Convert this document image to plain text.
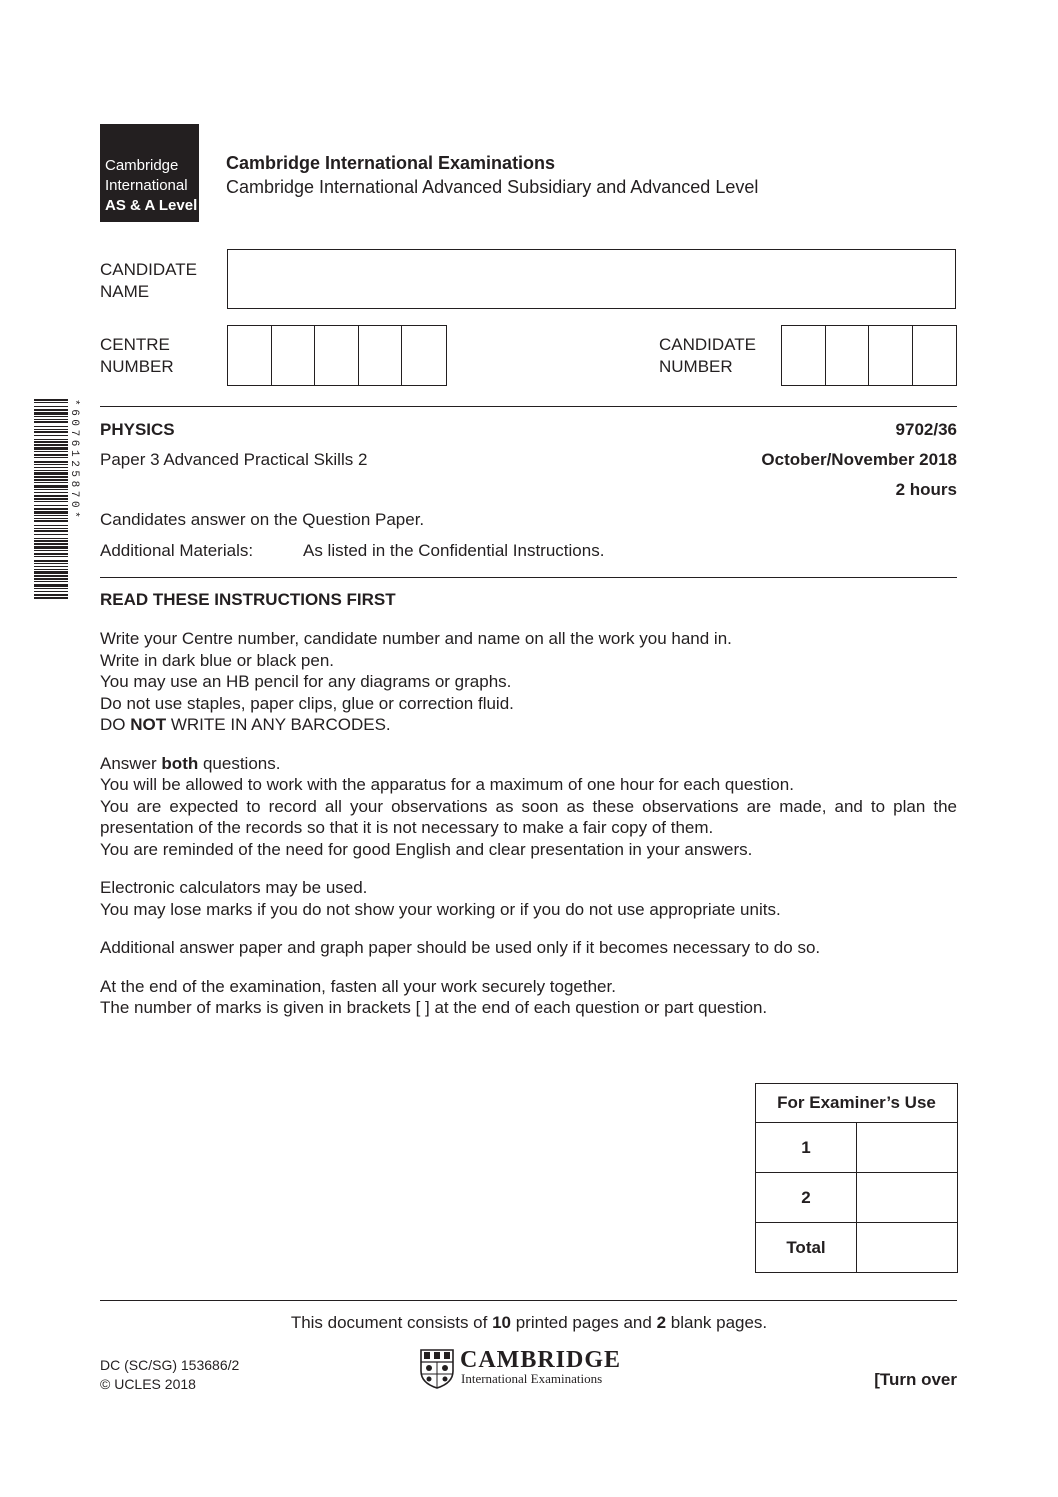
Cambridge
International
AS & A Level
Cambridge International Examinations
Cambridge International Advanced Subsidiary and Advanced Level
CANDIDATE
NAME
CENTRE
NUMBER
CANDIDATE
NUMBER
*6076125870* PHYSICS	9702/36
Paper 3 Advanced Practical Skills 2	October/November 2018
2 hours
Candidates answer on the Question Paper.
Additional Materials:	As listed in the Confidential Instructions.
READ THESE INSTRUCTIONS FIRST

Write your Centre number, candidate number and name on all the work you hand in.

Write in dark blue or black pen.

You may use an HB pencil for any diagrams or graphs.

Do not use staples, paper clips, glue or correction fluid.

DO NOT WRITE IN ANY BARCODES.

Answer both questions.

You will be allowed to work with the apparatus for a maximum of one hour for each question.

You are expected to record all your observations as soon as these observations are made, and to plan the presentation of the records so that it is not necessary to make a fair copy of them.

You are reminded of the need for good English and clear presentation in your answers.

Electronic calculators may be used.

You may lose marks if you do not show your working or if you do not use appropriate units.

Additional answer paper and graph paper should be used only if it becomes necessary to do so.

At the end of the examination, fasten all your work securely together.

The number of marks is given in brackets [ ] at the end of each question or part question.

For Examiner’s Use	
1	
2	
Total	
This document consists of 10 printed pages and 2 blank pages.
DC (SC/SG) 153686/2
© UCLES 2018
CAMBRIDGE
International Examinations	[Turn over
